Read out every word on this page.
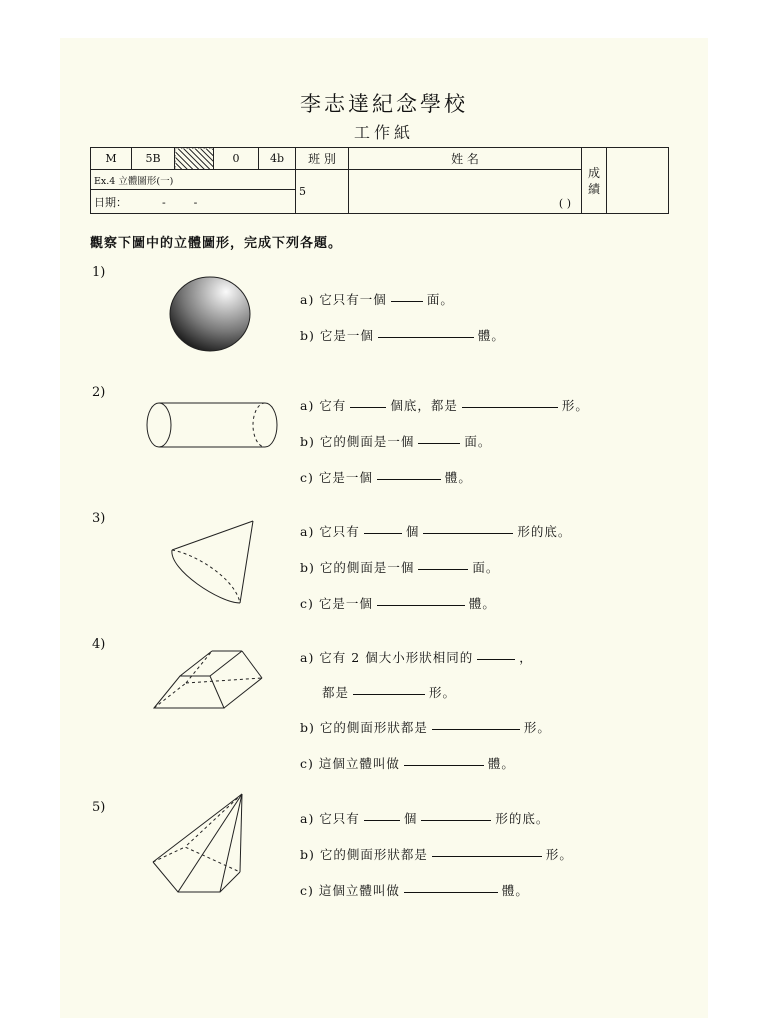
李志達紀念學校
工作紙
M	5B		0	4b	班 別	姓 名	成
績	
Ex.4 立體圖形(一)					5	( )		
日期：          -        -								
觀察下圖中的立體圖形，完成下列各題。
1)
a) 它只有一個	面。
b) 它是一個	體。
2)
a) 它有	個底，都是	形。
b) 它的側面是一個	面。
c) 它是一個	體。
3)
a) 它只有	個	形的底。
b) 它的側面是一個	面。
c) 它是一個	體。
4)
a) 它有 2 個大小形狀相同的	，
都是	形。
b) 它的側面形狀都是	形。
c) 這個立體叫做	體。
5)
a) 它只有	個	形的底。
b) 它的側面形狀都是	形。
c) 這個立體叫做	體。
